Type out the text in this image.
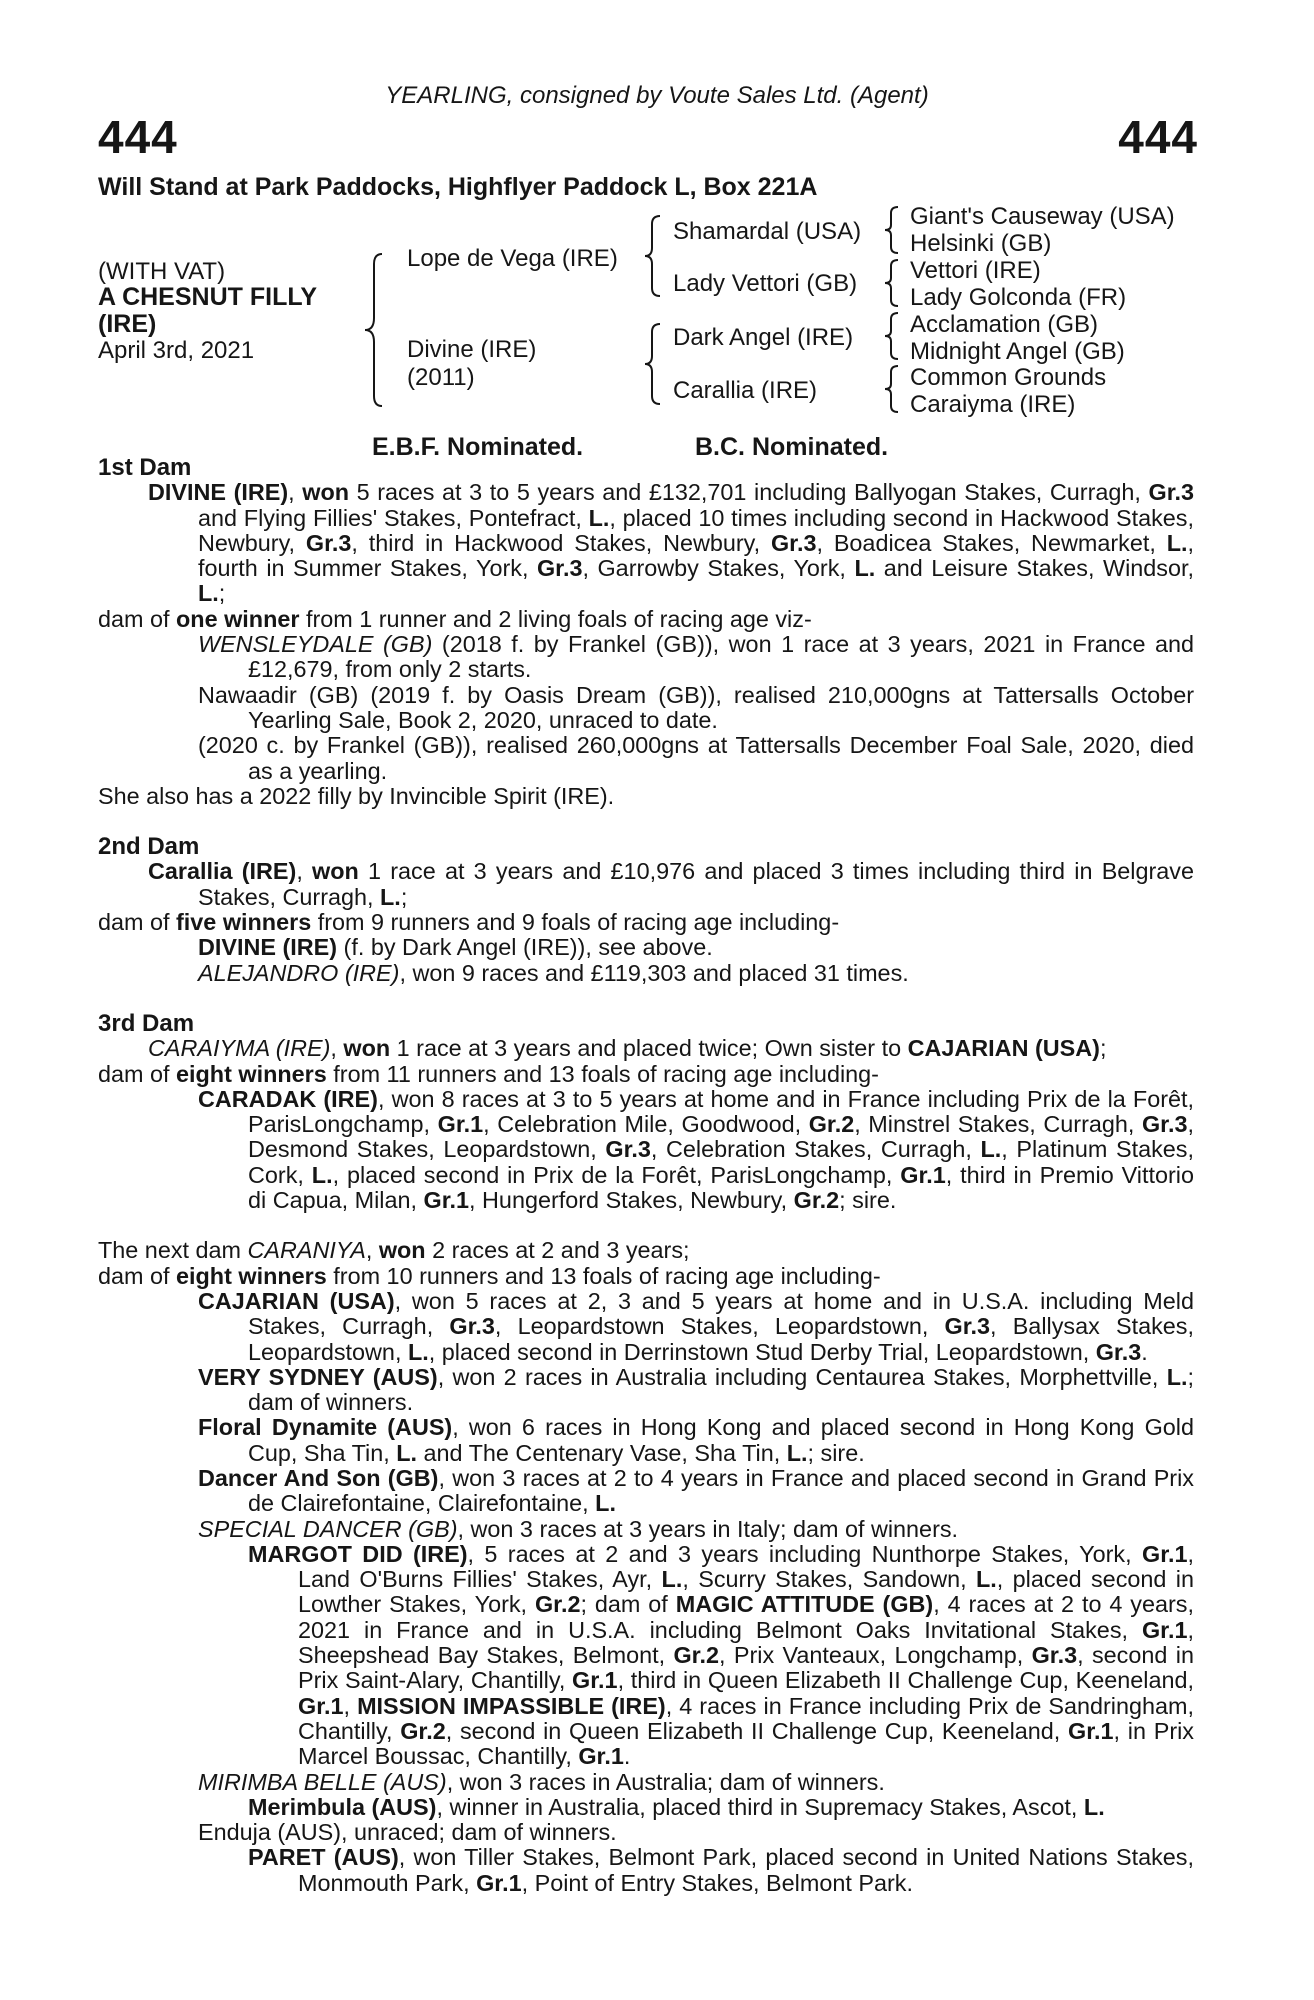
YEARLING, consigned by Voute Sales Ltd. (Agent)
444	444
Will Stand at Park Paddocks, Highflyer Paddock L, Box 221A
(WITH VAT)
A CHESNUT FILLY
(IRE)
April 3rd, 2021
Lope de Vega (IRE)
Divine (IRE)
(2011)
Shamardal (USA)
Lady Vettori (GB)
Dark Angel (IRE)
Carallia (IRE)
Giant's Causeway (USA)
Helsinki (GB)
Vettori (IRE)
Lady Golconda (FR)
Acclamation (GB)
Midnight Angel (GB)
Common Grounds
Caraiyma (IRE)
E.B.F. Nominated.	B.C. Nominated.
1st Dam
DIVINE (IRE), won 5 races at 3 to 5 years and £132,701 including Ballyogan Stakes, Curragh, Gr.3 and Flying Fillies' Stakes, Pontefract, L., placed 10 times including second in Hackwood Stakes, Newbury, Gr.3, third in Hackwood Stakes, Newbury, Gr.3, Boadicea Stakes, Newmarket, L., fourth in Summer Stakes, York, Gr.3, Garrowby Stakes, York, L. and Leisure Stakes, Windsor, L.;
dam of one winner from 1 runner and 2 living foals of racing age viz-
WENSLEYDALE (GB) (2018 f. by Frankel (GB)), won 1 race at 3 years, 2021 in France and £12,679, from only 2 starts.
Nawaadir (GB) (2019 f. by Oasis Dream (GB)), realised 210,000gns at Tattersalls October Yearling Sale, Book 2, 2020, unraced to date.
(2020 c. by Frankel (GB)), realised 260,000gns at Tattersalls December Foal Sale, 2020, died as a yearling.
She also has a 2022 filly by Invincible Spirit (IRE).
2nd Dam
Carallia (IRE), won 1 race at 3 years and £10,976 and placed 3 times including third in Belgrave Stakes, Curragh, L.;
dam of five winners from 9 runners and 9 foals of racing age including-
DIVINE (IRE) (f. by Dark Angel (IRE)), see above.
ALEJANDRO (IRE), won 9 races and £119,303 and placed 31 times.
3rd Dam
CARAIYMA (IRE), won 1 race at 3 years and placed twice; Own sister to CAJARIAN (USA);
dam of eight winners from 11 runners and 13 foals of racing age including-
CARADAK (IRE), won 8 races at 3 to 5 years at home and in France including Prix de la Forêt, ParisLongchamp, Gr.1, Celebration Mile, Goodwood, Gr.2, Minstrel Stakes, Curragh, Gr.3, Desmond Stakes, Leopardstown, Gr.3, Celebration Stakes, Curragh, L., Platinum Stakes, Cork, L., placed second in Prix de la Forêt, ParisLongchamp, Gr.1, third in Premio Vittorio di Capua, Milan, Gr.1, Hungerford Stakes, Newbury, Gr.2; sire.
The next dam CARANIYA, won 2 races at 2 and 3 years;
dam of eight winners from 10 runners and 13 foals of racing age including-
CAJARIAN (USA), won 5 races at 2, 3 and 5 years at home and in U.S.A. including Meld Stakes, Curragh, Gr.3, Leopardstown Stakes, Leopardstown, Gr.3, Ballysax Stakes, Leopardstown, L., placed second in Derrinstown Stud Derby Trial, Leopardstown, Gr.3.
VERY SYDNEY (AUS), won 2 races in Australia including Centaurea Stakes, Morphettville, L.; dam of winners.
Floral Dynamite (AUS), won 6 races in Hong Kong and placed second in Hong Kong Gold Cup, Sha Tin, L. and The Centenary Vase, Sha Tin, L.; sire.
Dancer And Son (GB), won 3 races at 2 to 4 years in France and placed second in Grand Prix de Clairefontaine, Clairefontaine, L.
SPECIAL DANCER (GB), won 3 races at 3 years in Italy; dam of winners.
MARGOT DID (IRE), 5 races at 2 and 3 years including Nunthorpe Stakes, York, Gr.1, Land O'Burns Fillies' Stakes, Ayr, L., Scurry Stakes, Sandown, L., placed second in Lowther Stakes, York, Gr.2; dam of MAGIC ATTITUDE (GB), 4 races at 2 to 4 years, 2021 in France and in U.S.A. including Belmont Oaks Invitational Stakes, Gr.1, Sheepshead Bay Stakes, Belmont, Gr.2, Prix Vanteaux, Longchamp, Gr.3, second in Prix Saint-Alary, Chantilly, Gr.1, third in Queen Elizabeth II Challenge Cup, Keeneland, Gr.1, MISSION IMPASSIBLE (IRE), 4 races in France including Prix de Sandringham, Chantilly, Gr.2, second in Queen Elizabeth II Challenge Cup, Keeneland, Gr.1, in Prix Marcel Boussac, Chantilly, Gr.1.
MIRIMBA BELLE (AUS), won 3 races in Australia; dam of winners.
Merimbula (AUS), winner in Australia, placed third in Supremacy Stakes, Ascot, L.
Enduja (AUS), unraced; dam of winners.
PARET (AUS), won Tiller Stakes, Belmont Park, placed second in United Nations Stakes, Monmouth Park, Gr.1, Point of Entry Stakes, Belmont Park.
